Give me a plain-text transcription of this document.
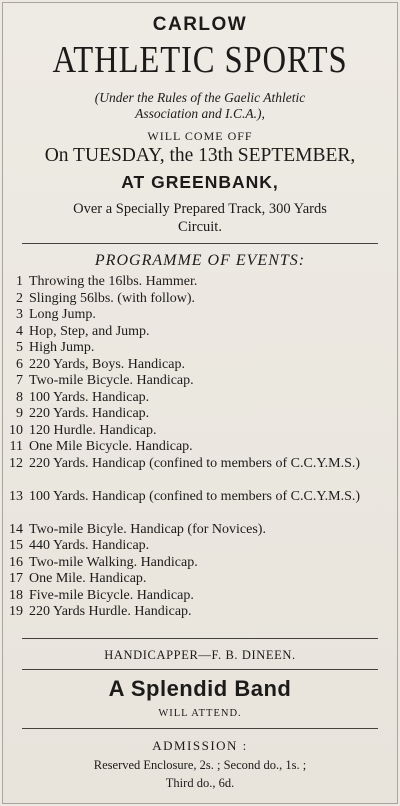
CARLOW
ATHLETIC SPORTS
(Under the Rules of the Gaelic Athletic
Association and I.C.A.),
WILL COME OFF
On TUESDAY, the 13th SEPTEMBER,
AT GREENBANK,
Over a Specially Prepared Track, 300 Yards
Circuit.
PROGRAMME OF EVENTS:
1 Throwing the 16lbs. Hammer.
2 Slinging 56lbs. (with follow).
3 Long Jump.
4 Hop, Step, and Jump.
5 High Jump.
6 220 Yards, Boys. Handicap.
7 Two-mile Bicycle. Handicap.
8 100 Yards. Handicap.
9 220 Yards. Handicap.
10 120 Hurdle. Handicap.
11 One Mile Bicycle. Handicap.
12 220 Yards. Handicap (confined to members of C.C.Y.M.S.)
13 100 Yards. Handicap (confined to members of C.C.Y.M.S.)
14 Two-mile Bicyle. Handicap (for Novices).
15 440 Yards. Handicap.
16 Two-mile Walking. Handicap.
17 One Mile. Handicap.
18 Five-mile Bicycle. Handicap.
19 220 Yards Hurdle. Handicap.
HANDICAPPER—F. B. DINEEN.
A Splendid Band
WILL ATTEND.
ADMISSION :
Reserved Enclosure, 2s. ; Second do., 1s. ;
Third do., 6d.
